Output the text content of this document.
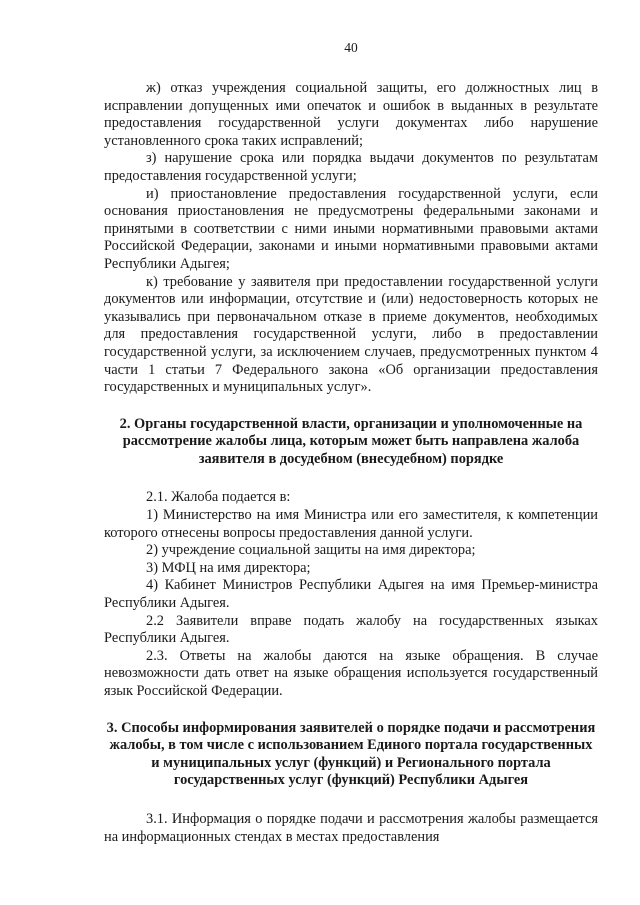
40

ж) отказ учреждения социальной защиты, его должностных лиц в исправлении допущенных ими опечаток и ошибок в выданных в результате предоставления государственной услуги документах либо нарушение установленного срока таких исправлений;

з) нарушение срока или порядка выдачи документов по результатам предоставления государственной услуги;

и) приостановление предоставления государственной услуги, если основания приостановления не предусмотрены федеральными законами и принятыми в соответствии с ними иными нормативными правовыми актами Российской Федерации, законами и иными нормативными правовыми актами Республики Адыгея;

к) требование у заявителя при предоставлении государственной услуги документов или информации, отсутствие и (или) недостоверность которых не указывались при первоначальном отказе в приеме документов, необходимых для предоставления государственной услуги, либо в предоставлении государственной услуги, за исключением случаев, предусмотренных пунктом 4 части 1 статьи 7 Федерального закона «Об организации предоставления государственных и муниципальных услуг».

2. Органы государственной власти, организации и уполномоченные на рассмотрение жалобы лица, которым может быть направлена жалоба заявителя в досудебном (внесудебном) порядке

2.1. Жалоба подается в:

1) Министерство на имя Министра или его заместителя, к компетенции которого отнесены вопросы предоставления данной услуги.

2) учреждение социальной защиты на имя директора;

3) МФЦ на имя директора;

4) Кабинет Министров Республики Адыгея на имя Премьер-министра Республики Адыгея.

2.2 Заявители вправе подать жалобу на государственных языках Республики Адыгея.

2.3. Ответы на жалобы даются на языке обращения. В случае невозможности дать ответ на языке обращения используется государственный язык Российской Федерации.

3. Способы информирования заявителей о порядке подачи и рассмотрения жалобы, в том числе с использованием Единого портала государственных и муниципальных услуг (функций) и Регионального портала государственных услуг (функций) Республики Адыгея

3.1. Информация о порядке подачи и рассмотрения жалобы размещается на информационных стендах в местах предоставления
